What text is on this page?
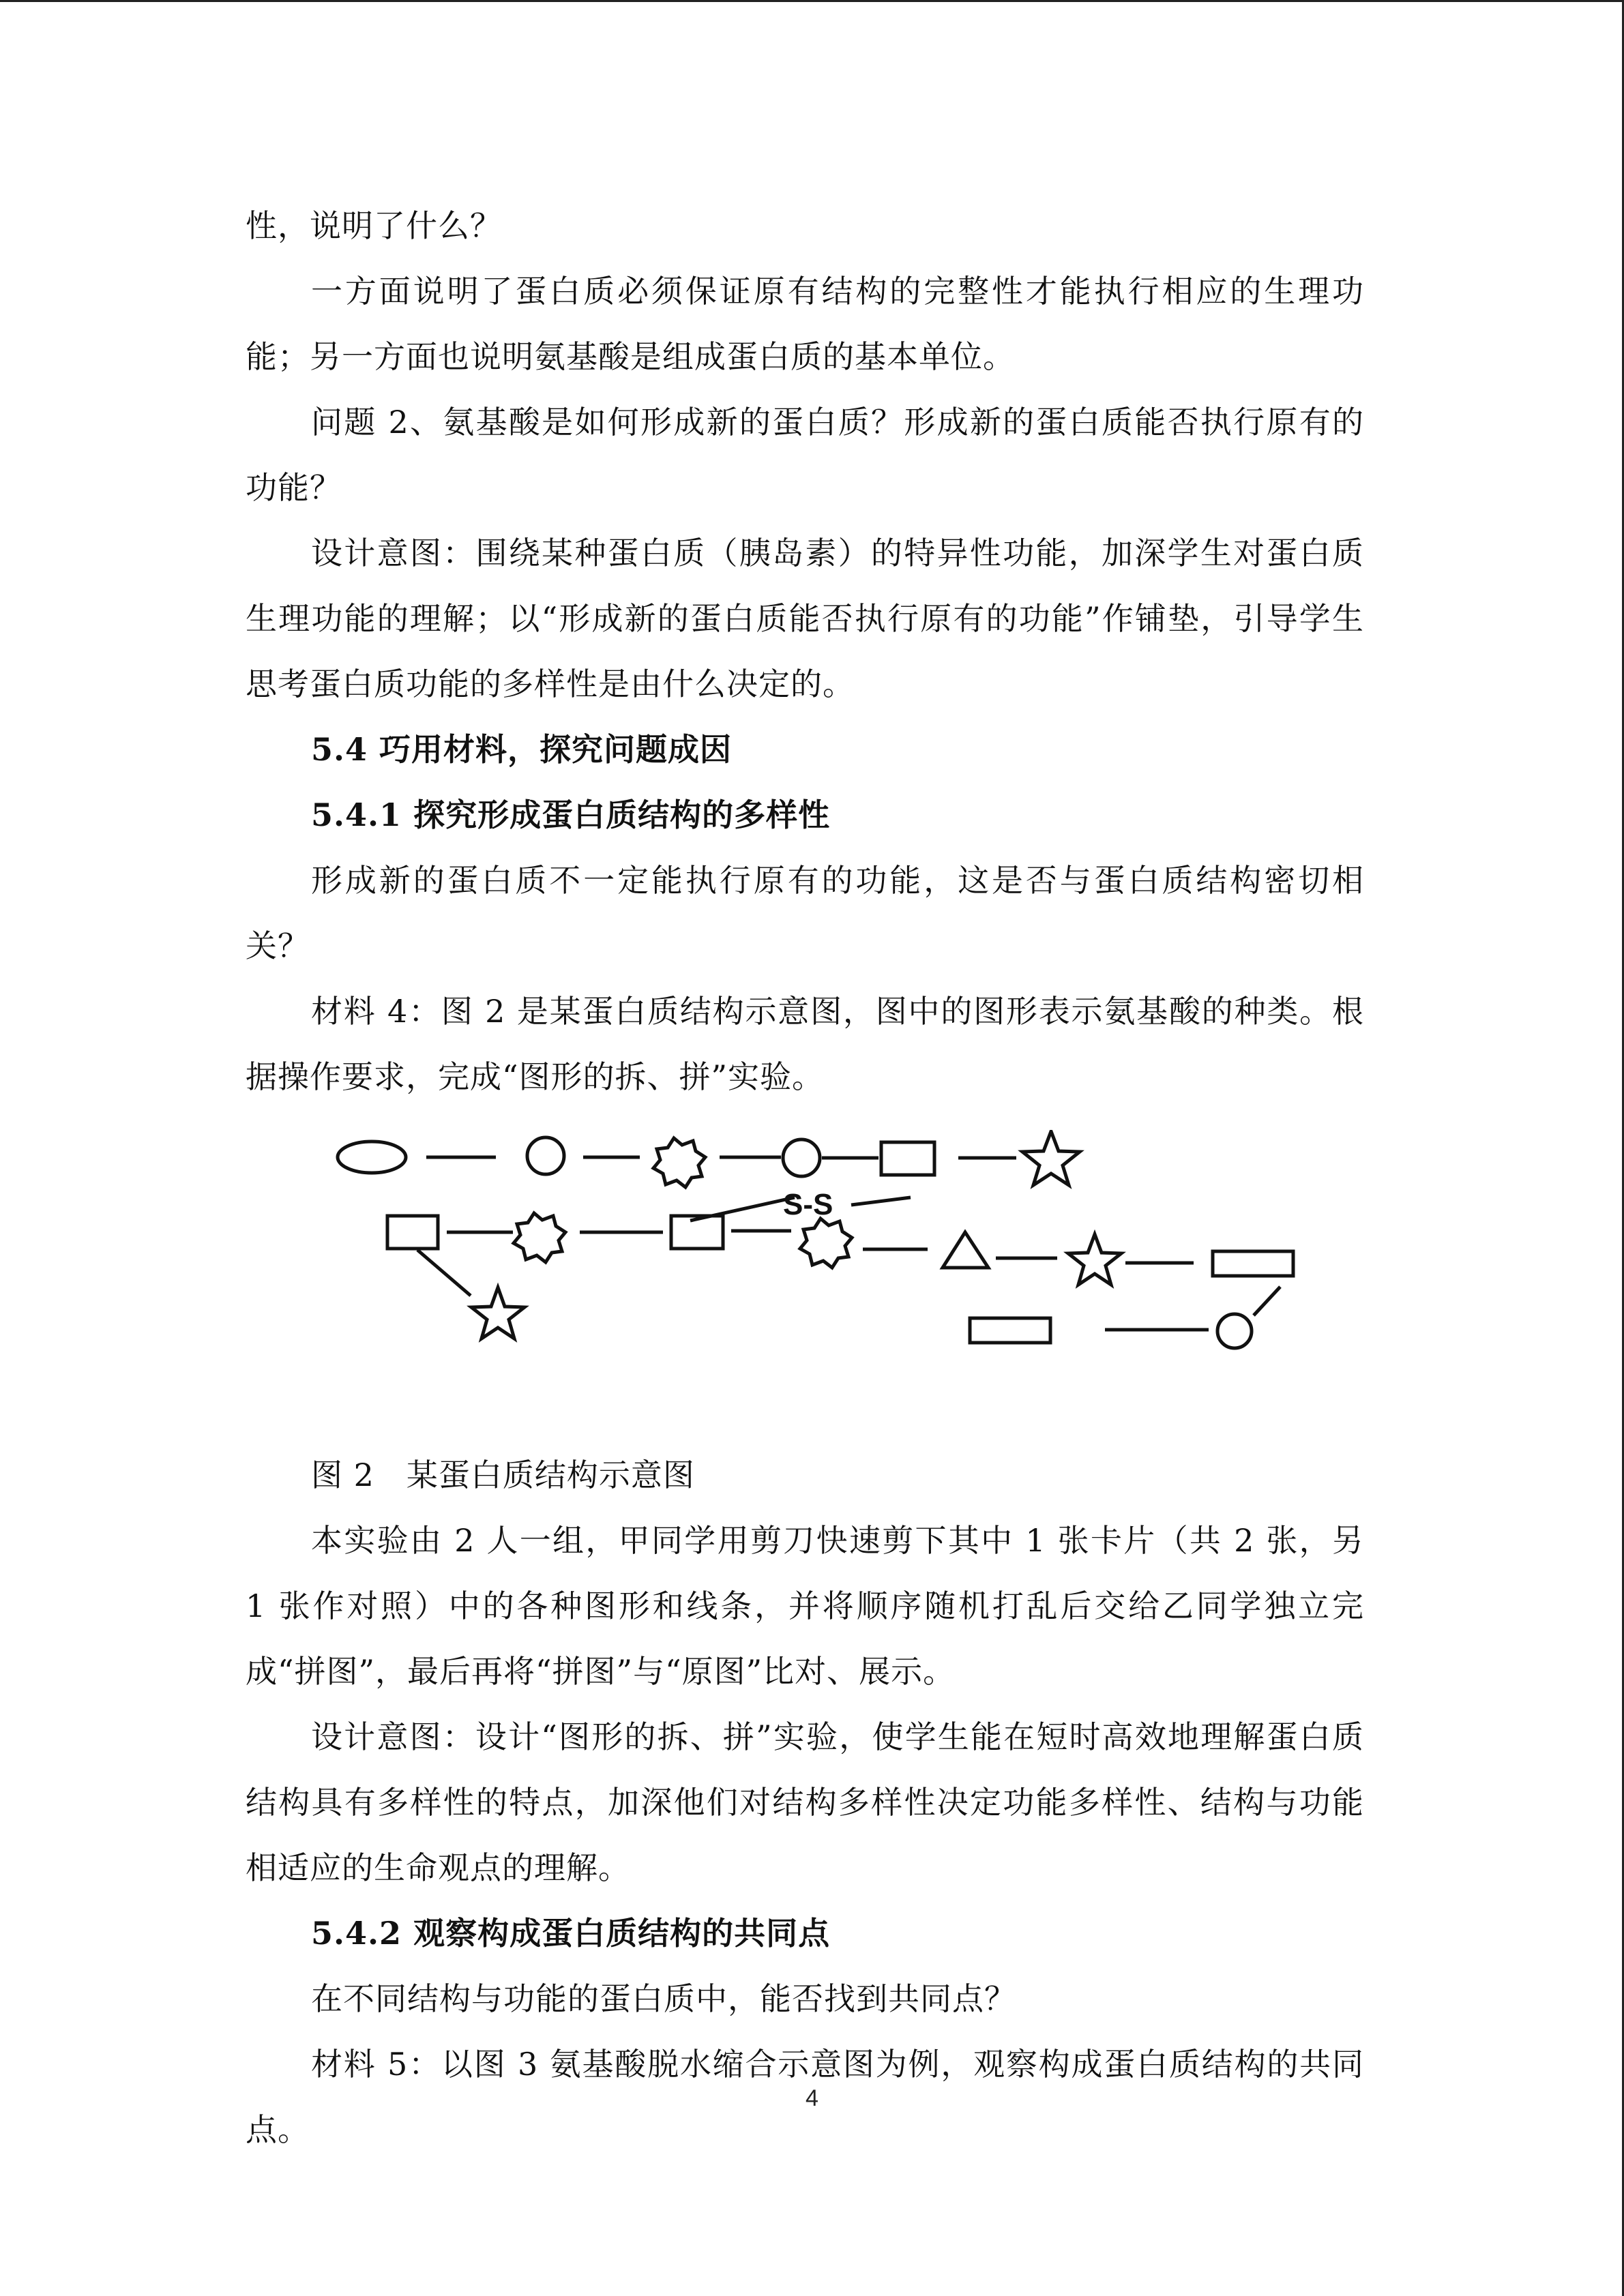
性，说明了什么？

一方面说明了蛋白质必须保证原有结构的完整性才能执行相应的生理功能；另一方面也说明氨基酸是组成蛋白质的基本单位。

问题 2、氨基酸是如何形成新的蛋白质？形成新的蛋白质能否执行原有的功能？

设计意图：围绕某种蛋白质（胰岛素）的特异性功能，加深学生对蛋白质生理功能的理解；以“形成新的蛋白质能否执行原有的功能”作铺垫，引导学生思考蛋白质功能的多样性是由什么决定的。

5.4 巧用材料，探究问题成因

5.4.1 探究形成蛋白质结构的多样性

形成新的蛋白质不一定能执行原有的功能，这是否与蛋白质结构密切相关？

材料 4：图 2 是某蛋白质结构示意图，图中的图形表示氨基酸的种类。根据操作要求，完成“图形的拆、拼”实验。

S-S

图 2　某蛋白质结构示意图

本实验由 2 人一组，甲同学用剪刀快速剪下其中 1 张卡片（共 2 张，另 1 张作对照）中的各种图形和线条，并将顺序随机打乱后交给乙同学独立完成“拼图”，最后再将“拼图”与“原图”比对、展示。

设计意图：设计“图形的拆、拼”实验，使学生能在短时高效地理解蛋白质结构具有多样性的特点，加深他们对结构多样性决定功能多样性、结构与功能相适应的生命观点的理解。

5.4.2 观察构成蛋白质结构的共同点

在不同结构与功能的蛋白质中，能否找到共同点？

材料 5：以图 3 氨基酸脱水缩合示意图为例，观察构成蛋白质结构的共同点。

4
